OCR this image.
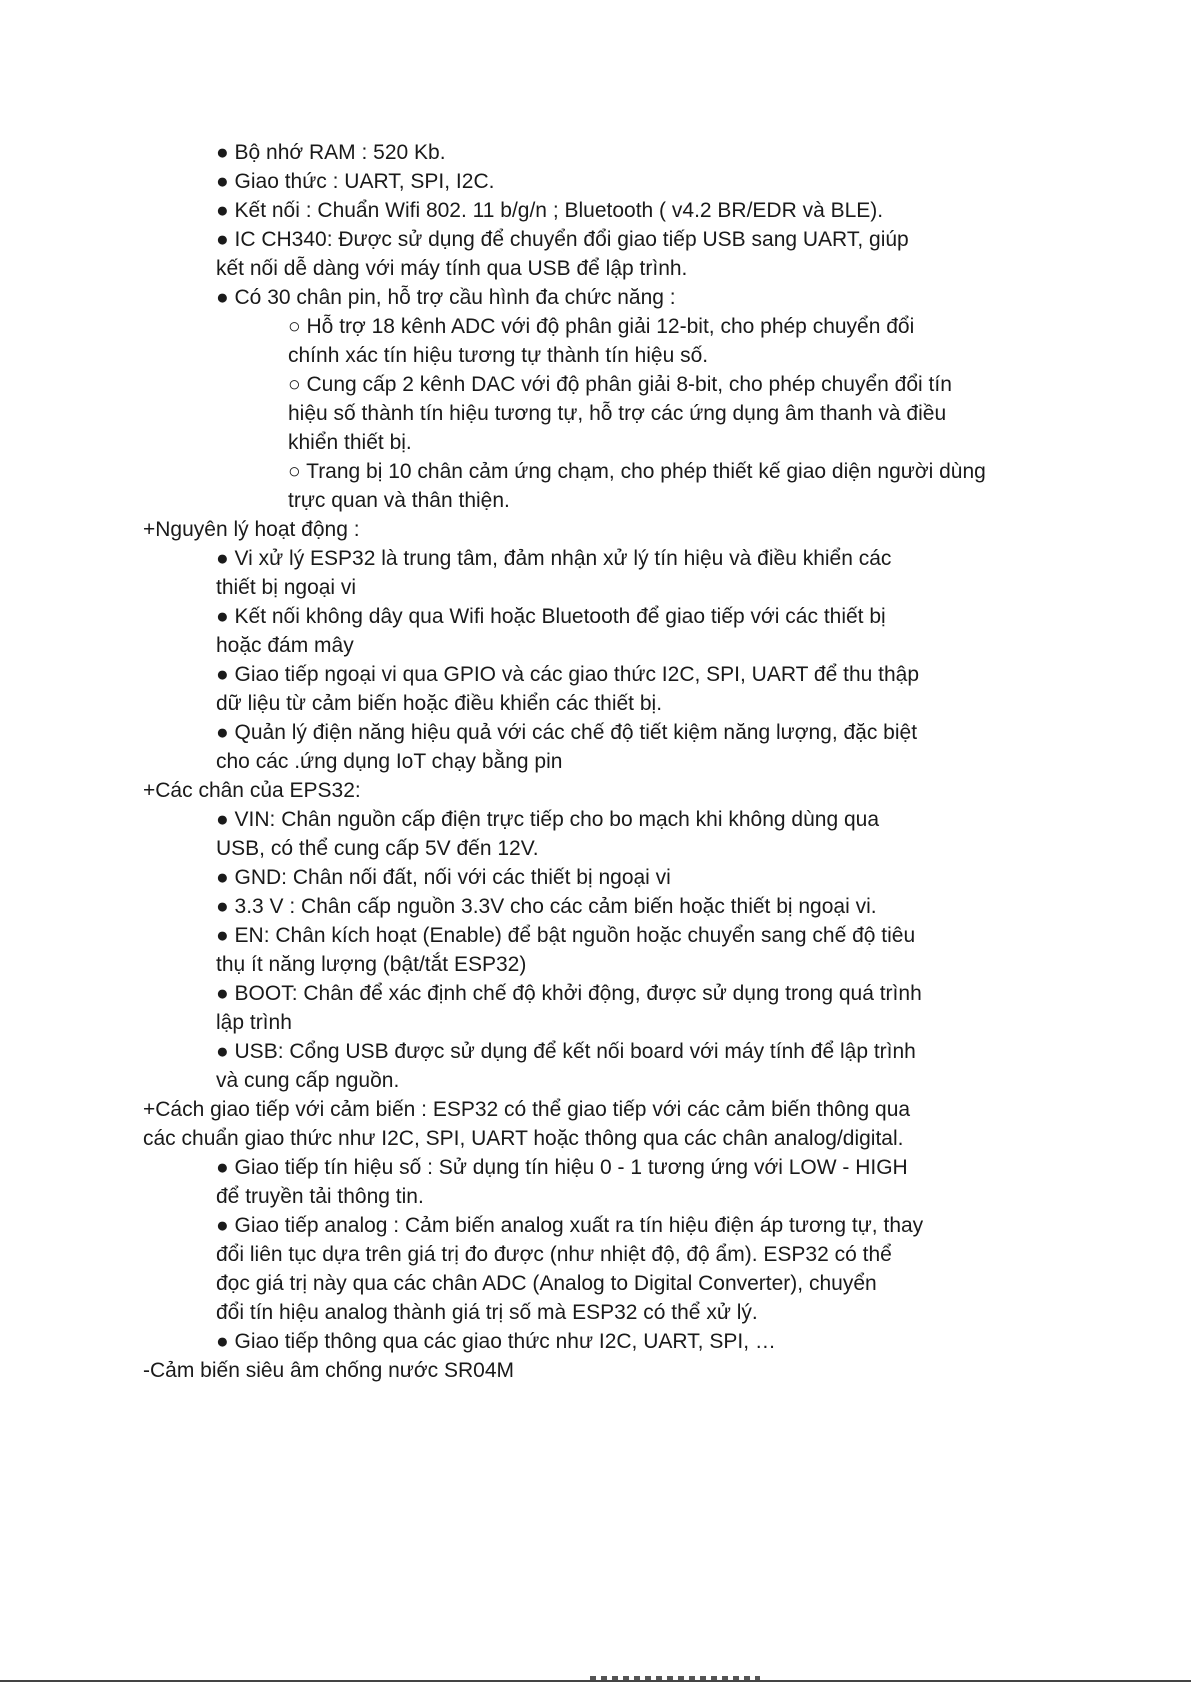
● Bộ nhớ RAM : 520 Kb.
● Giao thức : UART, SPI, I2C.
● Kết nối : Chuẩn Wifi 802. 11 b/g/n ; Bluetooth ( v4.2 BR/EDR và BLE).
● IC CH340: Được sử dụng để chuyển đổi giao tiếp USB sang UART, giúp
kết nối dễ dàng với máy tính qua USB để lập trình.
● Có 30 chân pin, hỗ trợ cầu hình đa chức năng :
○ Hỗ trợ 18 kênh ADC với độ phân giải 12-bit, cho phép chuyển đổi
chính xác tín hiệu tương tự thành tín hiệu số.
○ Cung cấp 2 kênh DAC với độ phân giải 8-bit, cho phép chuyển đổi tín
hiệu số thành tín hiệu tương tự, hỗ trợ các ứng dụng âm thanh và điều
khiển thiết bị.
○ Trang bị 10 chân cảm ứng chạm, cho phép thiết kế giao diện người dùng
trực quan và thân thiện.
+Nguyên lý hoạt động :
● Vi xử lý ESP32 là trung tâm, đảm nhận xử lý tín hiệu và điều khiển các
thiết bị ngoại vi
● Kết nối không dây qua Wifi hoặc Bluetooth để giao tiếp với các thiết bị
hoặc đám mây
● Giao tiếp ngoại vi qua GPIO và các giao thức I2C, SPI, UART để thu thập
dữ liệu từ cảm biến hoặc điều khiển các thiết bị.
● Quản lý điện năng hiệu quả với các chế độ tiết kiệm năng lượng, đặc biệt
cho các .ứng dụng IoT chạy bằng pin
+Các chân của EPS32:
● VIN: Chân nguồn cấp điện trực tiếp cho bo mạch khi không dùng qua
USB, có thể cung cấp 5V đến 12V.
● GND: Chân nối đất, nối với các thiết bị ngoại vi
● 3.3 V : Chân cấp nguồn 3.3V cho các cảm biến hoặc thiết bị ngoại vi.
● EN: Chân kích hoạt (Enable) để bật nguồn hoặc chuyển sang chế độ tiêu
thụ ít năng lượng (bật/tắt ESP32)
● BOOT: Chân để xác định chế độ khởi động, được sử dụng trong quá trình
lập trình
● USB: Cổng USB được sử dụng để kết nối board với máy tính để lập trình
và cung cấp nguồn.
+Cách giao tiếp với cảm biến : ESP32 có thể giao tiếp với các cảm biến thông qua
các chuẩn giao thức như I2C, SPI, UART hoặc thông qua các chân analog/digital.
● Giao tiếp tín hiệu số : Sử dụng tín hiệu 0 - 1 tương ứng với LOW - HIGH
để truyền tải thông tin.
● Giao tiếp analog : Cảm biến analog xuất ra tín hiệu điện áp tương tự, thay
đổi liên tục dựa trên giá trị đo được (như nhiệt độ, độ ẩm). ESP32 có thể
đọc giá trị này qua các chân ADC (Analog to Digital Converter), chuyển
đổi tín hiệu analog thành giá trị số mà ESP32 có thể xử lý.
● Giao tiếp thông qua các giao thức như I2C, UART, SPI, …
-Cảm biến siêu âm chống nước SR04M
